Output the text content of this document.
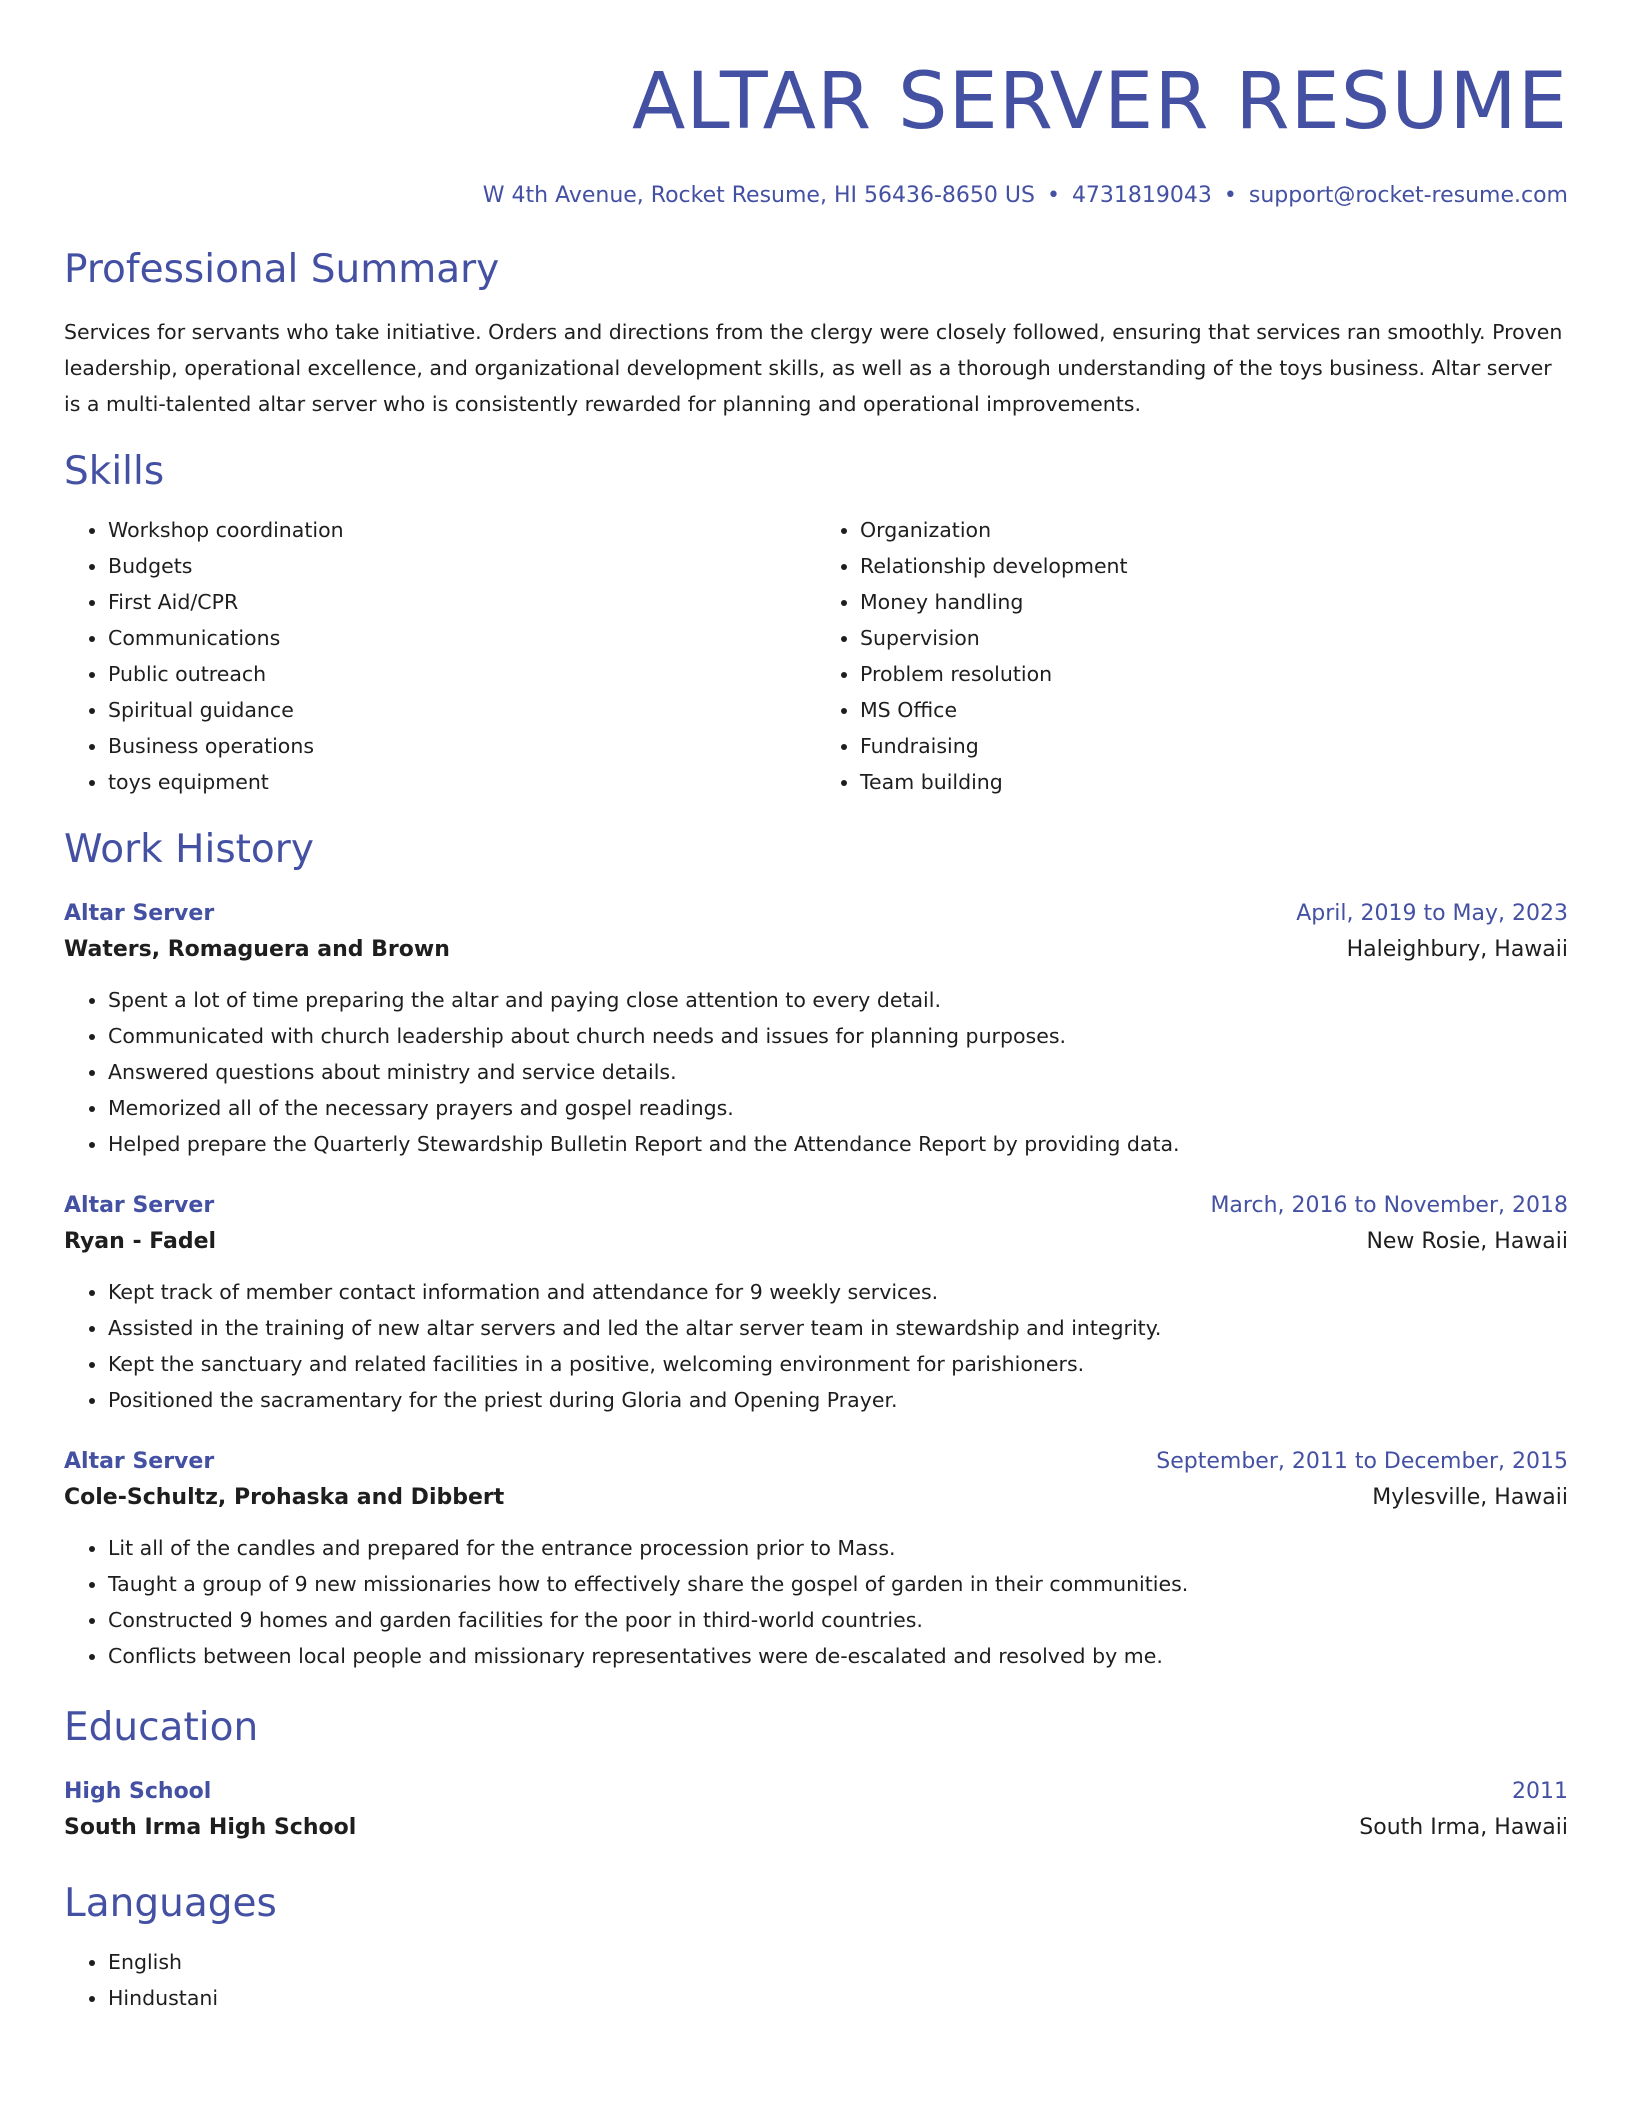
ALTAR SERVER RESUME
W 4th Avenue, Rocket Resume, HI 56436-8650 US • 4731819043 • support@rocket-resume.com
Professional Summary
Services for servants who take initiative. Orders and directions from the clergy were closely followed, ensuring that services ran smoothly. Proven leadership, operational excellence, and organizational development skills, as well as a thorough understanding of the toys business. Altar server is a multi-talented altar server who is consistently rewarded for planning and operational improvements.
Skills
• Workshop coordination
• Budgets
• First Aid/CPR
• Communications
• Public outreach
• Spiritual guidance
• Business operations
• toys equipment
• Organization
• Relationship development
• Money handling
• Supervision
• Problem resolution
• MS Office
• Fundraising
• Team building
Work History
Altar Server	April, 2019 to May, 2023
Waters, Romaguera and Brown	Haleighbury, Hawaii
• Spent a lot of time preparing the altar and paying close attention to every detail.
• Communicated with church leadership about church needs and issues for planning purposes.
• Answered questions about ministry and service details.
• Memorized all of the necessary prayers and gospel readings.
• Helped prepare the Quarterly Stewardship Bulletin Report and the Attendance Report by providing data.
Altar Server	March, 2016 to November, 2018
Ryan - Fadel	New Rosie, Hawaii
• Kept track of member contact information and attendance for 9 weekly services.
• Assisted in the training of new altar servers and led the altar server team in stewardship and integrity.
• Kept the sanctuary and related facilities in a positive, welcoming environment for parishioners.
• Positioned the sacramentary for the priest during Gloria and Opening Prayer.
Altar Server	September, 2011 to December, 2015
Cole-Schultz, Prohaska and Dibbert	Mylesville, Hawaii
• Lit all of the candles and prepared for the entrance procession prior to Mass.
• Taught a group of 9 new missionaries how to effectively share the gospel of garden in their communities.
• Constructed 9 homes and garden facilities for the poor in third-world countries.
• Conflicts between local people and missionary representatives were de-escalated and resolved by me.
Education
High School	2011
South Irma High School	South Irma, Hawaii
Languages
• English
• Hindustani
